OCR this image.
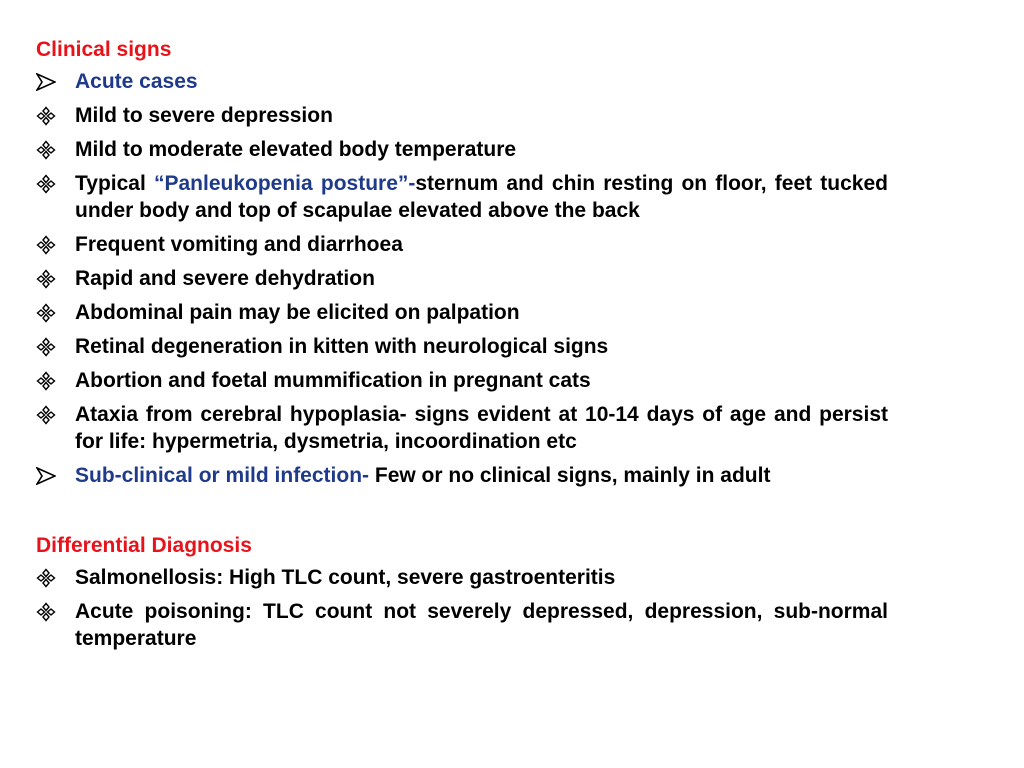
Clinical signs
Acute cases
Mild to severe depression
Mild to moderate elevated body temperature
Typical “Panleukopenia posture”-sternum and chin resting on floor, feet tucked under body and top of scapulae elevated above the back
Frequent vomiting and diarrhoea
Rapid and severe dehydration
Abdominal pain may be elicited on palpation
Retinal degeneration in kitten with neurological signs
Abortion and foetal mummification in pregnant cats
Ataxia from cerebral hypoplasia- signs evident at 10-14 days of age and persist for life: hypermetria, dysmetria, incoordination etc
Sub-clinical or mild infection- Few or no clinical signs, mainly in adult
Differential Diagnosis
Salmonellosis: High TLC count, severe gastroenteritis
Acute poisoning: TLC count not severely depressed, depression, sub-normal temperature
